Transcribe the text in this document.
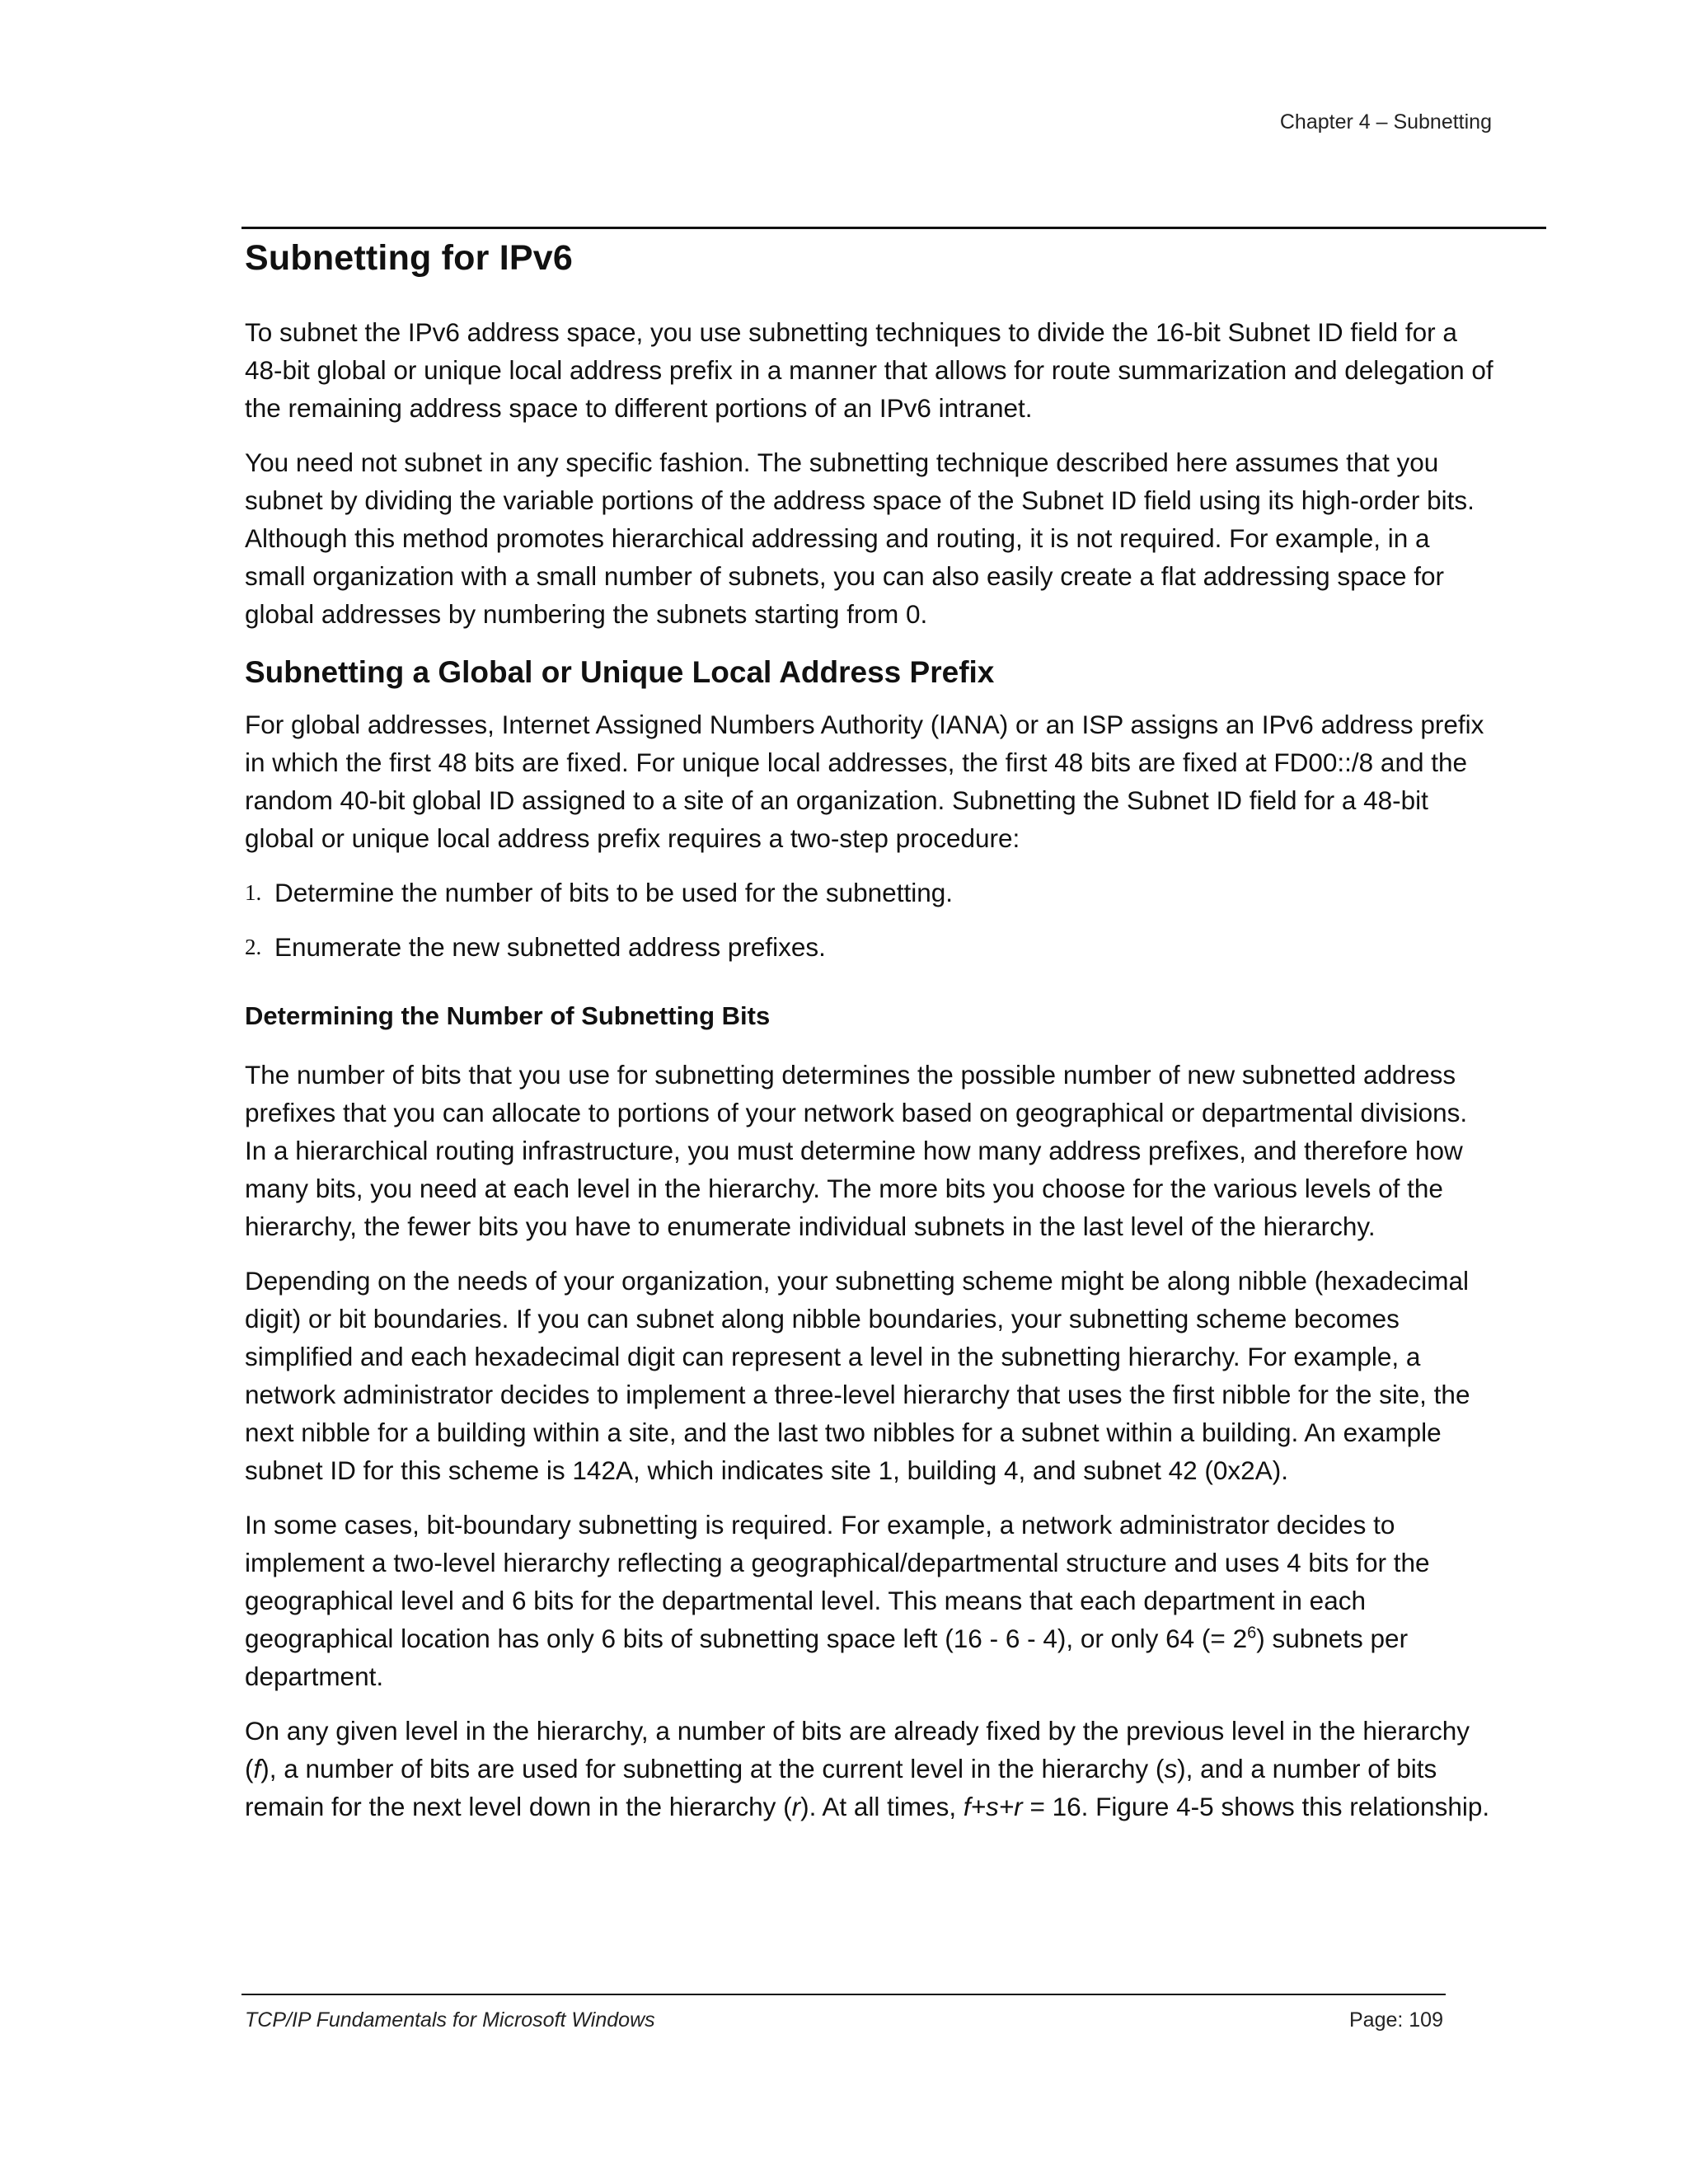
Chapter 4 – Subnetting
Subnetting for IPv6

To subnet the IPv6 address space, you use subnetting techniques to divide the 16-bit Subnet ID field for a 48-bit global or unique local address prefix in a manner that allows for route summarization and delegation of the remaining address space to different portions of an IPv6 intranet.

You need not subnet in any specific fashion. The subnetting technique described here assumes that you subnet by dividing the variable portions of the address space of the Subnet ID field using its high-order bits. Although this method promotes hierarchical addressing and routing, it is not required. For example, in a small organization with a small number of subnets, you can also easily create a flat addressing space for global addresses by numbering the subnets starting from 0.

Subnetting a Global or Unique Local Address Prefix

For global addresses, Internet Assigned Numbers Authority (IANA) or an ISP assigns an IPv6 address prefix in which the first 48 bits are fixed. For unique local addresses, the first 48 bits are fixed at FD00::/8 and the random 40-bit global ID assigned to a site of an organization. Subnetting the Subnet ID field for a 48-bit global or unique local address prefix requires a two-step procedure:

1. Determine the number of bits to be used for the subnetting.
2. Enumerate the new subnetted address prefixes.
Determining the Number of Subnetting Bits

The number of bits that you use for subnetting determines the possible number of new subnetted address prefixes that you can allocate to portions of your network based on geographical or departmental divisions. In a hierarchical routing infrastructure, you must determine how many address prefixes, and therefore how many bits, you need at each level in the hierarchy. The more bits you choose for the various levels of the hierarchy, the fewer bits you have to enumerate individual subnets in the last level of the hierarchy.

Depending on the needs of your organization, your subnetting scheme might be along nibble (hexadecimal digit) or bit boundaries. If you can subnet along nibble boundaries, your subnetting scheme becomes simplified and each hexadecimal digit can represent a level in the subnetting hierarchy. For example, a network administrator decides to implement a three-level hierarchy that uses the first nibble for the site, the next nibble for a building within a site, and the last two nibbles for a subnet within a building. An example subnet ID for this scheme is 142A, which indicates site 1, building 4, and subnet 42 (0x2A).

In some cases, bit-boundary subnetting is required. For example, a network administrator decides to implement a two-level hierarchy reflecting a geographical/departmental structure and uses 4 bits for the geographical level and 6 bits for the departmental level. This means that each department in each geographical location has only 6 bits of subnetting space left (16 - 6 - 4), or only 64 (= $2^6$) subnets per department.

On any given level in the hierarchy, a number of bits are already fixed by the previous level in the hierarchy (f), a number of bits are used for subnetting at the current level in the hierarchy (s), and a number of bits remain for the next level down in the hierarchy (r). At all times, f+s+r = 16. Figure 4-5 shows this relationship.

TCP/IP Fundamentals for Microsoft Windows	Page: 109
